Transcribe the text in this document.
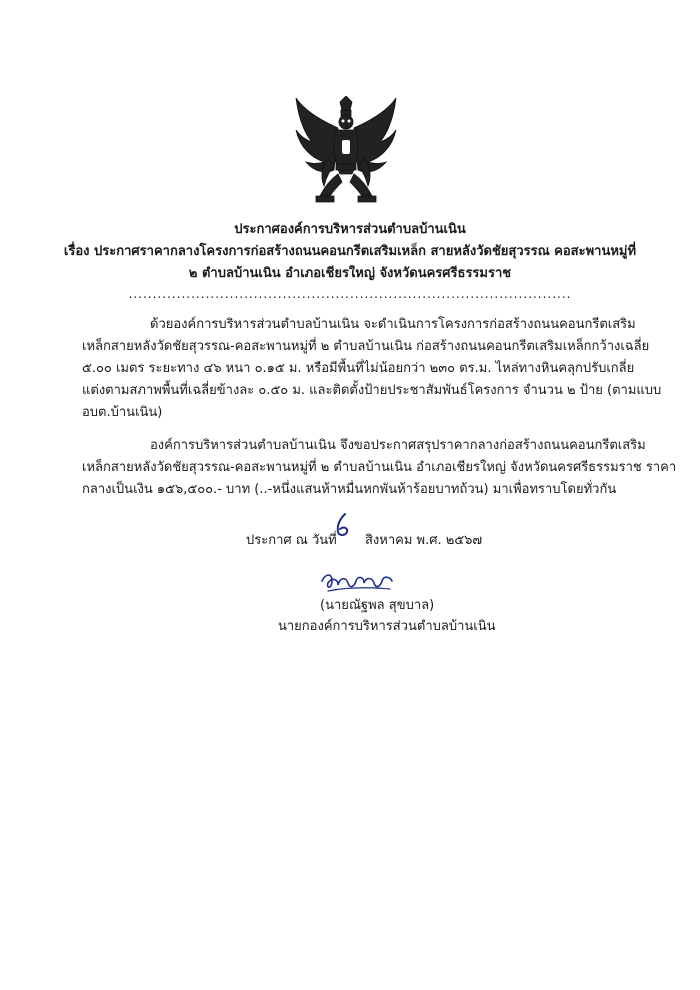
ประกาศองค์การบริหารส่วนตำบลบ้านเนิน
เรื่อง ประกาศราคากลางโครงการก่อสร้างถนนคอนกรีตเสริมเหล็ก สายหลังวัดชัยสุวรรณ คอสะพานหมู่ที่
๒ ตำบลบ้านเนิน อำเภอเชียรใหญ่ จังหวัดนครศรีธรรมราช
............................................................................................
ด้วยองค์การบริหารส่วนตำบลบ้านเนิน จะดำเนินการโครงการก่อสร้างถนนคอนกรีตเสริม
เหล็กสายหลังวัดชัยสุวรรณ-คอสะพานหมู่ที่ ๒ ตำบลบ้านเนิน ก่อสร้างถนนคอนกรีตเสริมเหล็กกว้างเฉลี่ย
๕.๐๐ เมตร ระยะทาง ๔๖ หนา ๐.๑๕ ม. หรือมีพื้นที่ไม่น้อยกว่า ๒๓๐ ตร.ม. ไหล่ทางหินคลุกปรับเกลี่ย
แต่งตามสภาพพื้นที่เฉลี่ยข้างละ ๐.๕๐ ม. และติดตั้งป้ายประชาสัมพันธ์โครงการ จำนวน ๒ ป้าย (ตามแบบ
อบต.บ้านเนิน)
องค์การบริหารส่วนตำบลบ้านเนิน จึงขอประกาศสรุปราคากลางก่อสร้างถนนคอนกรีตเสริม
เหล็กสายหลังวัดชัยสุวรรณ-คอสะพานหมู่ที่ ๒ ตำบลบ้านเนิน อำเภอเชียรใหญ่ จังหวัดนครศรีธรรมราช ราคา
กลางเป็นเงิน ๑๕๖,๕๐๐.- บาท (..-หนึ่งแสนห้าหมื่นหกพันห้าร้อยบาทถ้วน) มาเพื่อทราบโดยทั่วกัน
ประกาศ ณ วันที่ สิงหาคม พ.ศ. ๒๕๖๗
(นายณัฐพล สุขบาล)
นายกองค์การบริหารส่วนตำบลบ้านเนิน
